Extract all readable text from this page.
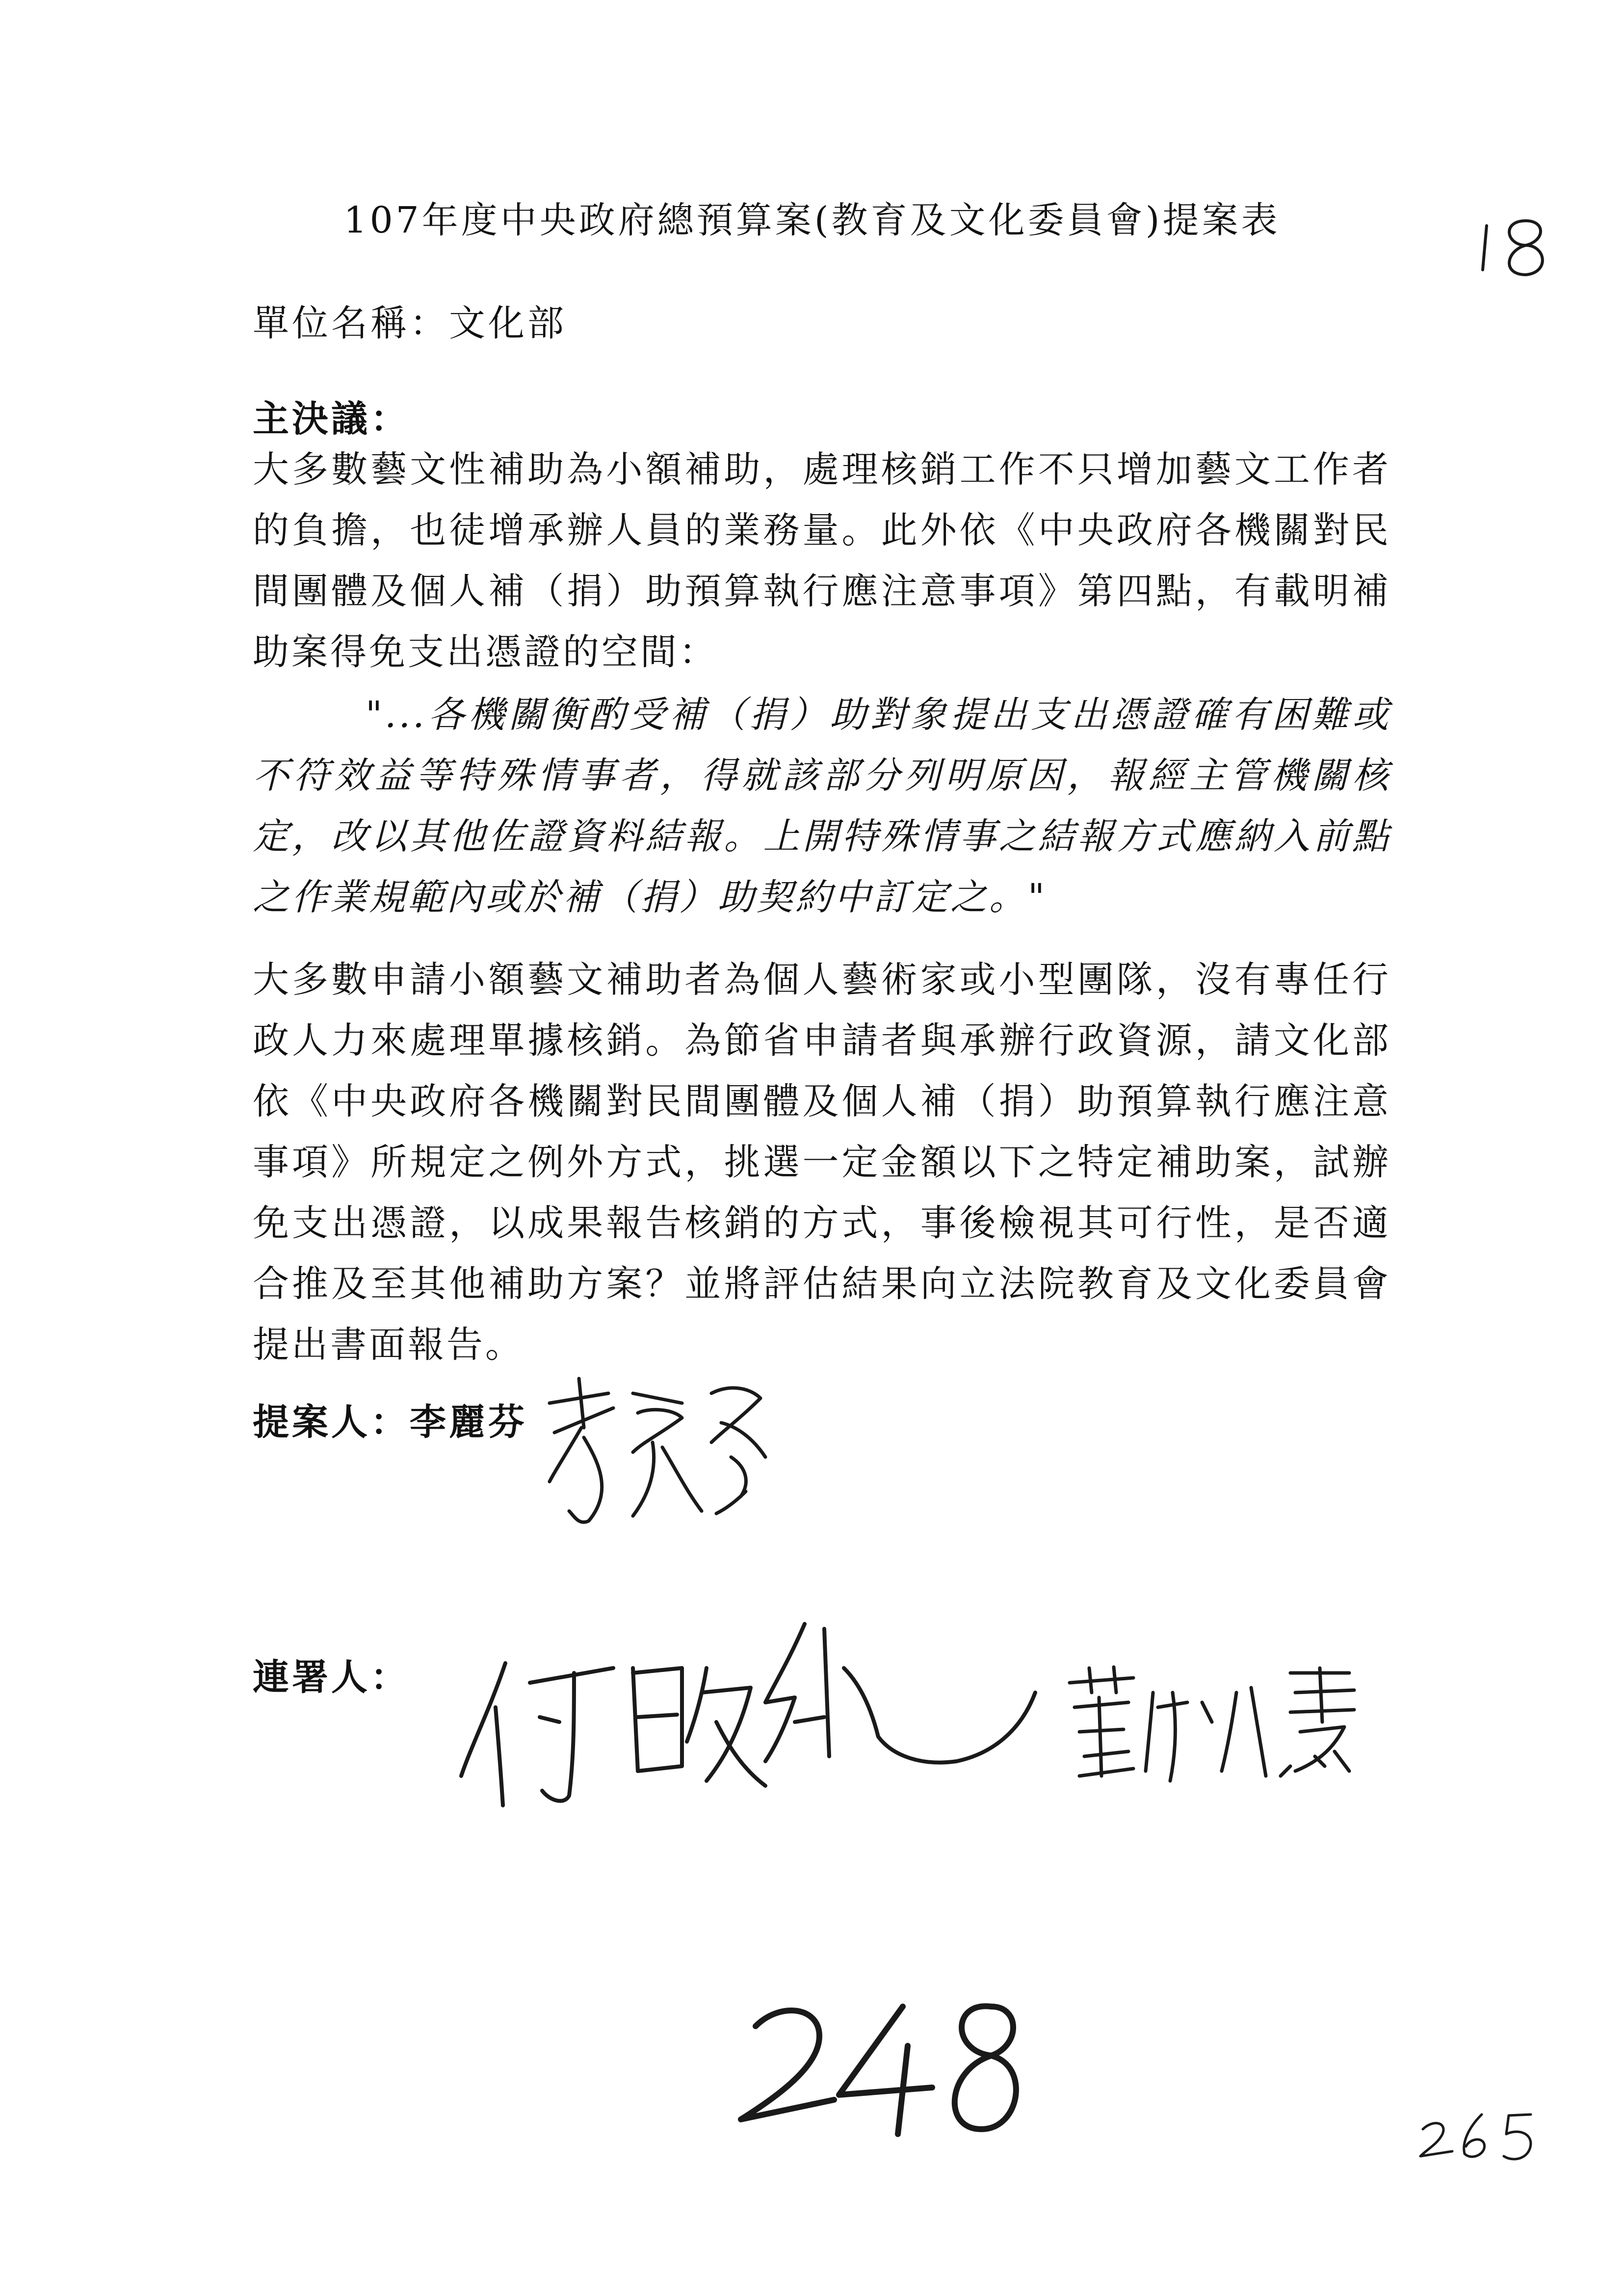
107年度中央政府總預算案(教育及文化委員會)提案表
單位名稱：文化部
主決議：
大多數藝文性補助為小額補助，處理核銷工作不只增加藝文工作者的負擔，也徒增承辦人員的業務量。此外依《中央政府各機關對民間團體及個人補（捐）助預算執行應注意事項》第四點，有載明補助案得免支出憑證的空間：
"...各機關衡酌受補（捐）助對象提出支出憑證確有困難或不符效益等特殊情事者，得就該部分列明原因，報經主管機關核定，改以其他佐證資料結報。上開特殊情事之結報方式應納入前點之作業規範內或於補（捐）助契約中訂定之。"
大多數申請小額藝文補助者為個人藝術家或小型團隊，沒有專任行政人力來處理單據核銷。為節省申請者與承辦行政資源，請文化部依《中央政府各機關對民間團體及個人補（捐）助預算執行應注意事項》所規定之例外方式，挑選一定金額以下之特定補助案，試辦免支出憑證，以成果報告核銷的方式，事後檢視其可行性，是否適合推及至其他補助方案？並將評估結果向立法院教育及文化委員會提出書面報告。
提案人：李麗芬
連署人：
